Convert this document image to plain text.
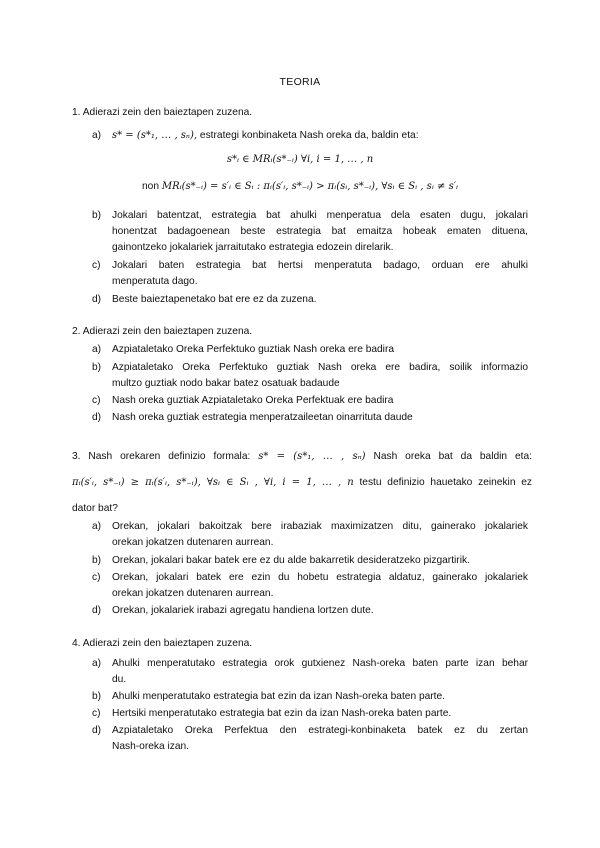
TEORIA
1. Adierazi zein den baieztapen zuzena.
a)	s* = (s*₁, … , sₙ), estrategi konbinaketa Nash oreka da, baldin eta:
s*ᵢ ∈ MRᵢ(s*₋ᵢ) ∀i, i = 1, … , n
non MRᵢ(s*₋ᵢ) = s′ᵢ ∈ Sᵢ : πᵢ(s′ᵢ, s*₋ᵢ) > πᵢ(sᵢ, s*₋ᵢ), ∀sᵢ ∈ Sᵢ , sᵢ ≠ s′ᵢ
b)	Jokalari batentzat, estrategia bat ahulki menperatua dela esaten dugu, jokalari
honentzat badagoenean beste estrategia bat emaitza hobeak ematen dituena,
gainontzeko jokalariek jarraitutako estrategia edozein direlarik.
c)	Jokalari baten estrategia bat hertsi menperatuta badago, orduan ere ahulki
menperatuta dago.
d)	Beste baieztapenetako bat ere ez da zuzena.
2. Adierazi zein den baieztapen zuzena.
a)	Azpiataletako Oreka Perfektuko guztiak Nash oreka ere badira
b)	Azpiataletako Oreka Perfektuko guztiak Nash oreka ere badira, soilik informazio
multzo guztiak nodo bakar batez osatuak badaude
c)	Nash oreka guztiak Azpiataletako Oreka Perfektuak ere badira
d)	Nash oreka guztiak estrategia menperatzaileetan oinarrituta daude
3. Nash orekaren definizio formala: s* = (s*₁, … , sₙ) Nash oreka bat da baldin eta:
πᵢ(s′ᵢ, s*₋ᵢ) ≥ πᵢ(s′ᵢ, s*₋ᵢ), ∀sᵢ ∈ Sᵢ , ∀i, i = 1, … , n testu definizio hauetako zeinekin ez
dator bat?
a)	Orekan, jokalari bakoitzak bere irabaziak maximizatzen ditu, gainerako jokalariek
orekan jokatzen dutenaren aurrean.
b)	Orekan, jokalari bakar batek ere ez du alde bakarretik desideratzeko pizgartirik.
c)	Orekan, jokalari batek ere ezin du hobetu estrategia aldatuz, gainerako jokalariek
orekan jokatzen dutenaren aurrean.
d)	Orekan, jokalariek irabazi agregatu handiena lortzen dute.
4. Adierazi zein den baieztapen zuzena.
a)	Ahulki menperatutako estrategia orok gutxienez Nash-oreka baten parte izan behar
du.
b)	Ahulki menperatutako estrategia bat ezin da izan Nash-oreka baten parte.
c)	Hertsiki menperatutako estrategia bat ezin da izan Nash-oreka baten parte.
d)	Azpiataletako Oreka Perfektua den estrategi-konbinaketa batek ez du zertan
Nash-oreka izan.
